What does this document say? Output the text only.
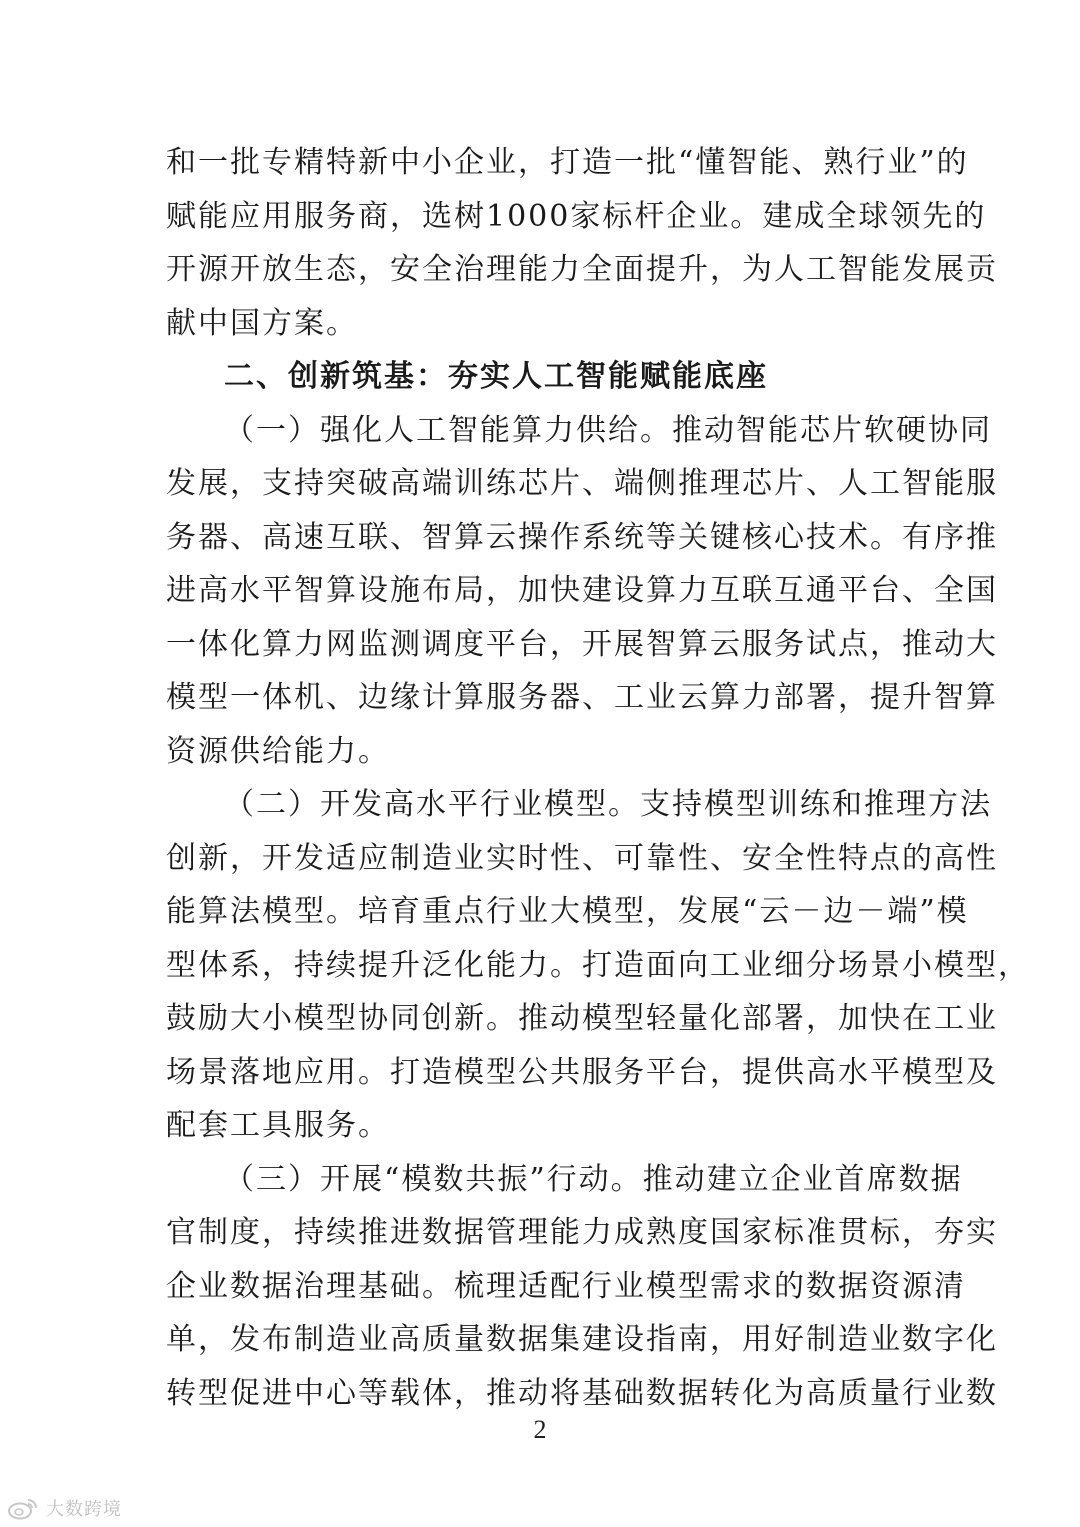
和一批专精特新中小企业，打造一批“懂智能、熟行业”的
赋能应用服务商，选树1000家标杆企业。建成全球领先的
开源开放生态，安全治理能力全面提升，为人工智能发展贡
献中国方案。
二、创新筑基：夯实人工智能赋能底座
（一）强化人工智能算力供给。推动智能芯片软硬协同
发展，支持突破高端训练芯片、端侧推理芯片、人工智能服
务器、高速互联、智算云操作系统等关键核心技术。有序推
进高水平智算设施布局，加快建设算力互联互通平台、全国
一体化算力网监测调度平台，开展智算云服务试点，推动大
模型一体机、边缘计算服务器、工业云算力部署，提升智算
资源供给能力。
（二）开发高水平行业模型。支持模型训练和推理方法
创新，开发适应制造业实时性、可靠性、安全性特点的高性
能算法模型。培育重点行业大模型，发展“云－边－端”模
型体系，持续提升泛化能力。打造面向工业细分场景小模型，
鼓励大小模型协同创新。推动模型轻量化部署，加快在工业
场景落地应用。打造模型公共服务平台，提供高水平模型及
配套工具服务。
（三）开展“模数共振”行动。推动建立企业首席数据
官制度，持续推进数据管理能力成熟度国家标准贯标，夯实
企业数据治理基础。梳理适配行业模型需求的数据资源清
单，发布制造业高质量数据集建设指南，用好制造业数字化
转型促进中心等载体，推动将基础数据转化为高质量行业数
2
大数跨境
